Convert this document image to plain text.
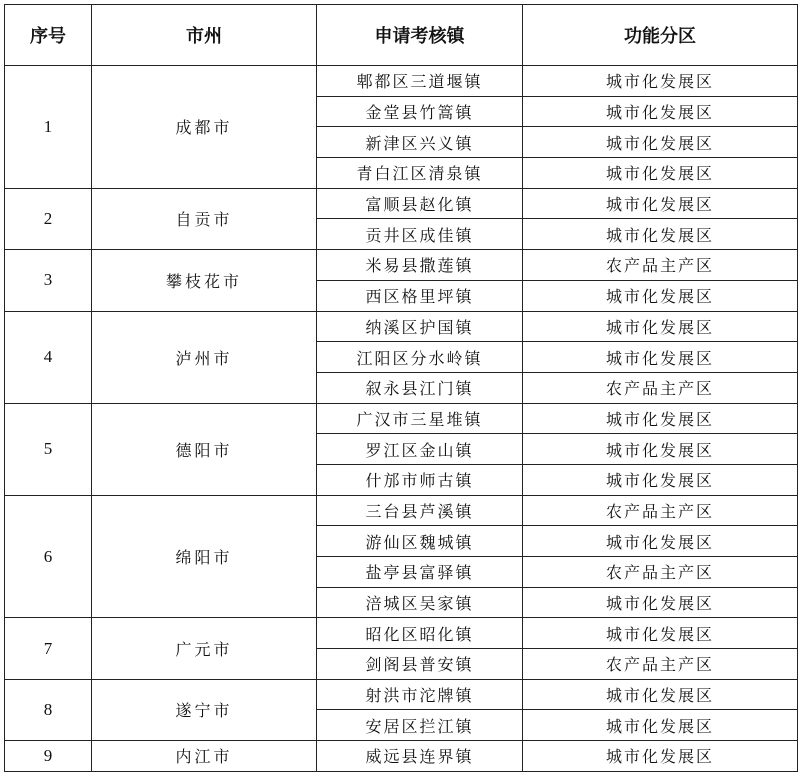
序号	市州	申请考核镇	功能分区
1	成都市	郫都区三道堰镇	城市化发展区
		金堂县竹篙镇	城市化发展区
		新津区兴义镇	城市化发展区
		青白江区清泉镇	城市化发展区
2	自贡市	富顺县赵化镇	城市化发展区
		贡井区成佳镇	城市化发展区
3	攀枝花市	米易县撒莲镇	农产品主产区
		西区格里坪镇	城市化发展区
4	泸州市	纳溪区护国镇	城市化发展区
		江阳区分水岭镇	城市化发展区
		叙永县江门镇	农产品主产区
5	德阳市	广汉市三星堆镇	城市化发展区
		罗江区金山镇	城市化发展区
		什邡市师古镇	城市化发展区
6	绵阳市	三台县芦溪镇	农产品主产区
		游仙区魏城镇	城市化发展区
		盐亭县富驿镇	农产品主产区
		涪城区吴家镇	城市化发展区
7	广元市	昭化区昭化镇	城市化发展区
		剑阁县普安镇	农产品主产区
8	遂宁市	射洪市沱牌镇	城市化发展区
		安居区拦江镇	城市化发展区
9	内江市	威远县连界镇	城市化发展区
